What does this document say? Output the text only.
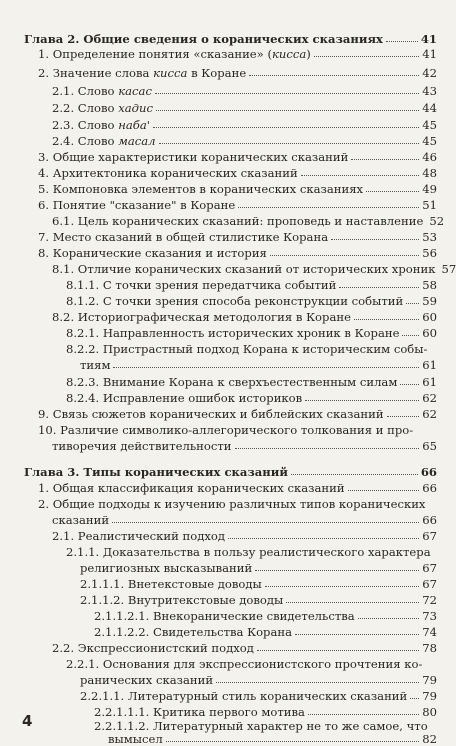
Глава 2. Общие сведения о коранических сказаниях	41
1. Определение понятия «сказание» (кисса)	41
2. Значение слова кисса в Коране	42
2.1. Слово касас	43
2.2. Слово хадис	44
2.3. Слово наба'	45
2.4. Слово масал	45
3. Общие характеристики коранических сказаний	46
4. Архитектоника коранических сказаний	48
5. Компоновка элементов в коранических сказаниях	49
6. Понятие "сказание" в Коране	51
6.1. Цель коранических сказаний: проповедь и наставление 52
7. Место сказаний в общей стилистике Корана	53
8. Коранические сказания и история	56
8.1. Отличие коранических сказаний от исторических хроник 57
8.1.1. С точки зрения передатчика событий	58
8.1.2. С точки зрения способа реконструкции событий 59
8.2. Историографическая методология в Коране	60
8.2.1. Направленность исторических хроник в Коране 60
8.2.2. Пристрастный подход Корана к историческим собы-
тиям	61
8.2.3. Внимание Корана к сверхъестественным силам 61
8.2.4. Исправление ошибок историков	62
9. Связь сюжетов коранических и библейских сказаний	62
10. Различие символико-аллегорического толкования и про-
тиворечия действительности	65
Глава 3. Типы коранических сказаний	66
1. Общая классификация коранических сказаний	66
2. Общие подходы к изучению различных типов коранических
сказаний	66
2.1. Реалистический подход	67
2.1.1. Доказательства в пользу реалистического характера
религиозных высказываний	67
2.1.1.1. Внетекстовые доводы	67
2.1.1.2. Внутритекстовые доводы	72
2.1.1.2.1. Внекоранические свидетельства	73
2.1.1.2.2. Свидетельства Корана	74
2.2. Экспрессионистский подход	78
2.2.1. Основания для экспрессионистского прочтения ко-
ранических сказаний	79
2.2.1.1. Литературный стиль коранических сказаний 79
2.2.1.1.1. Критика первого мотива	80
2.2.1.1.2. Литературный характер не то же самое, что
вымысел	82
4
